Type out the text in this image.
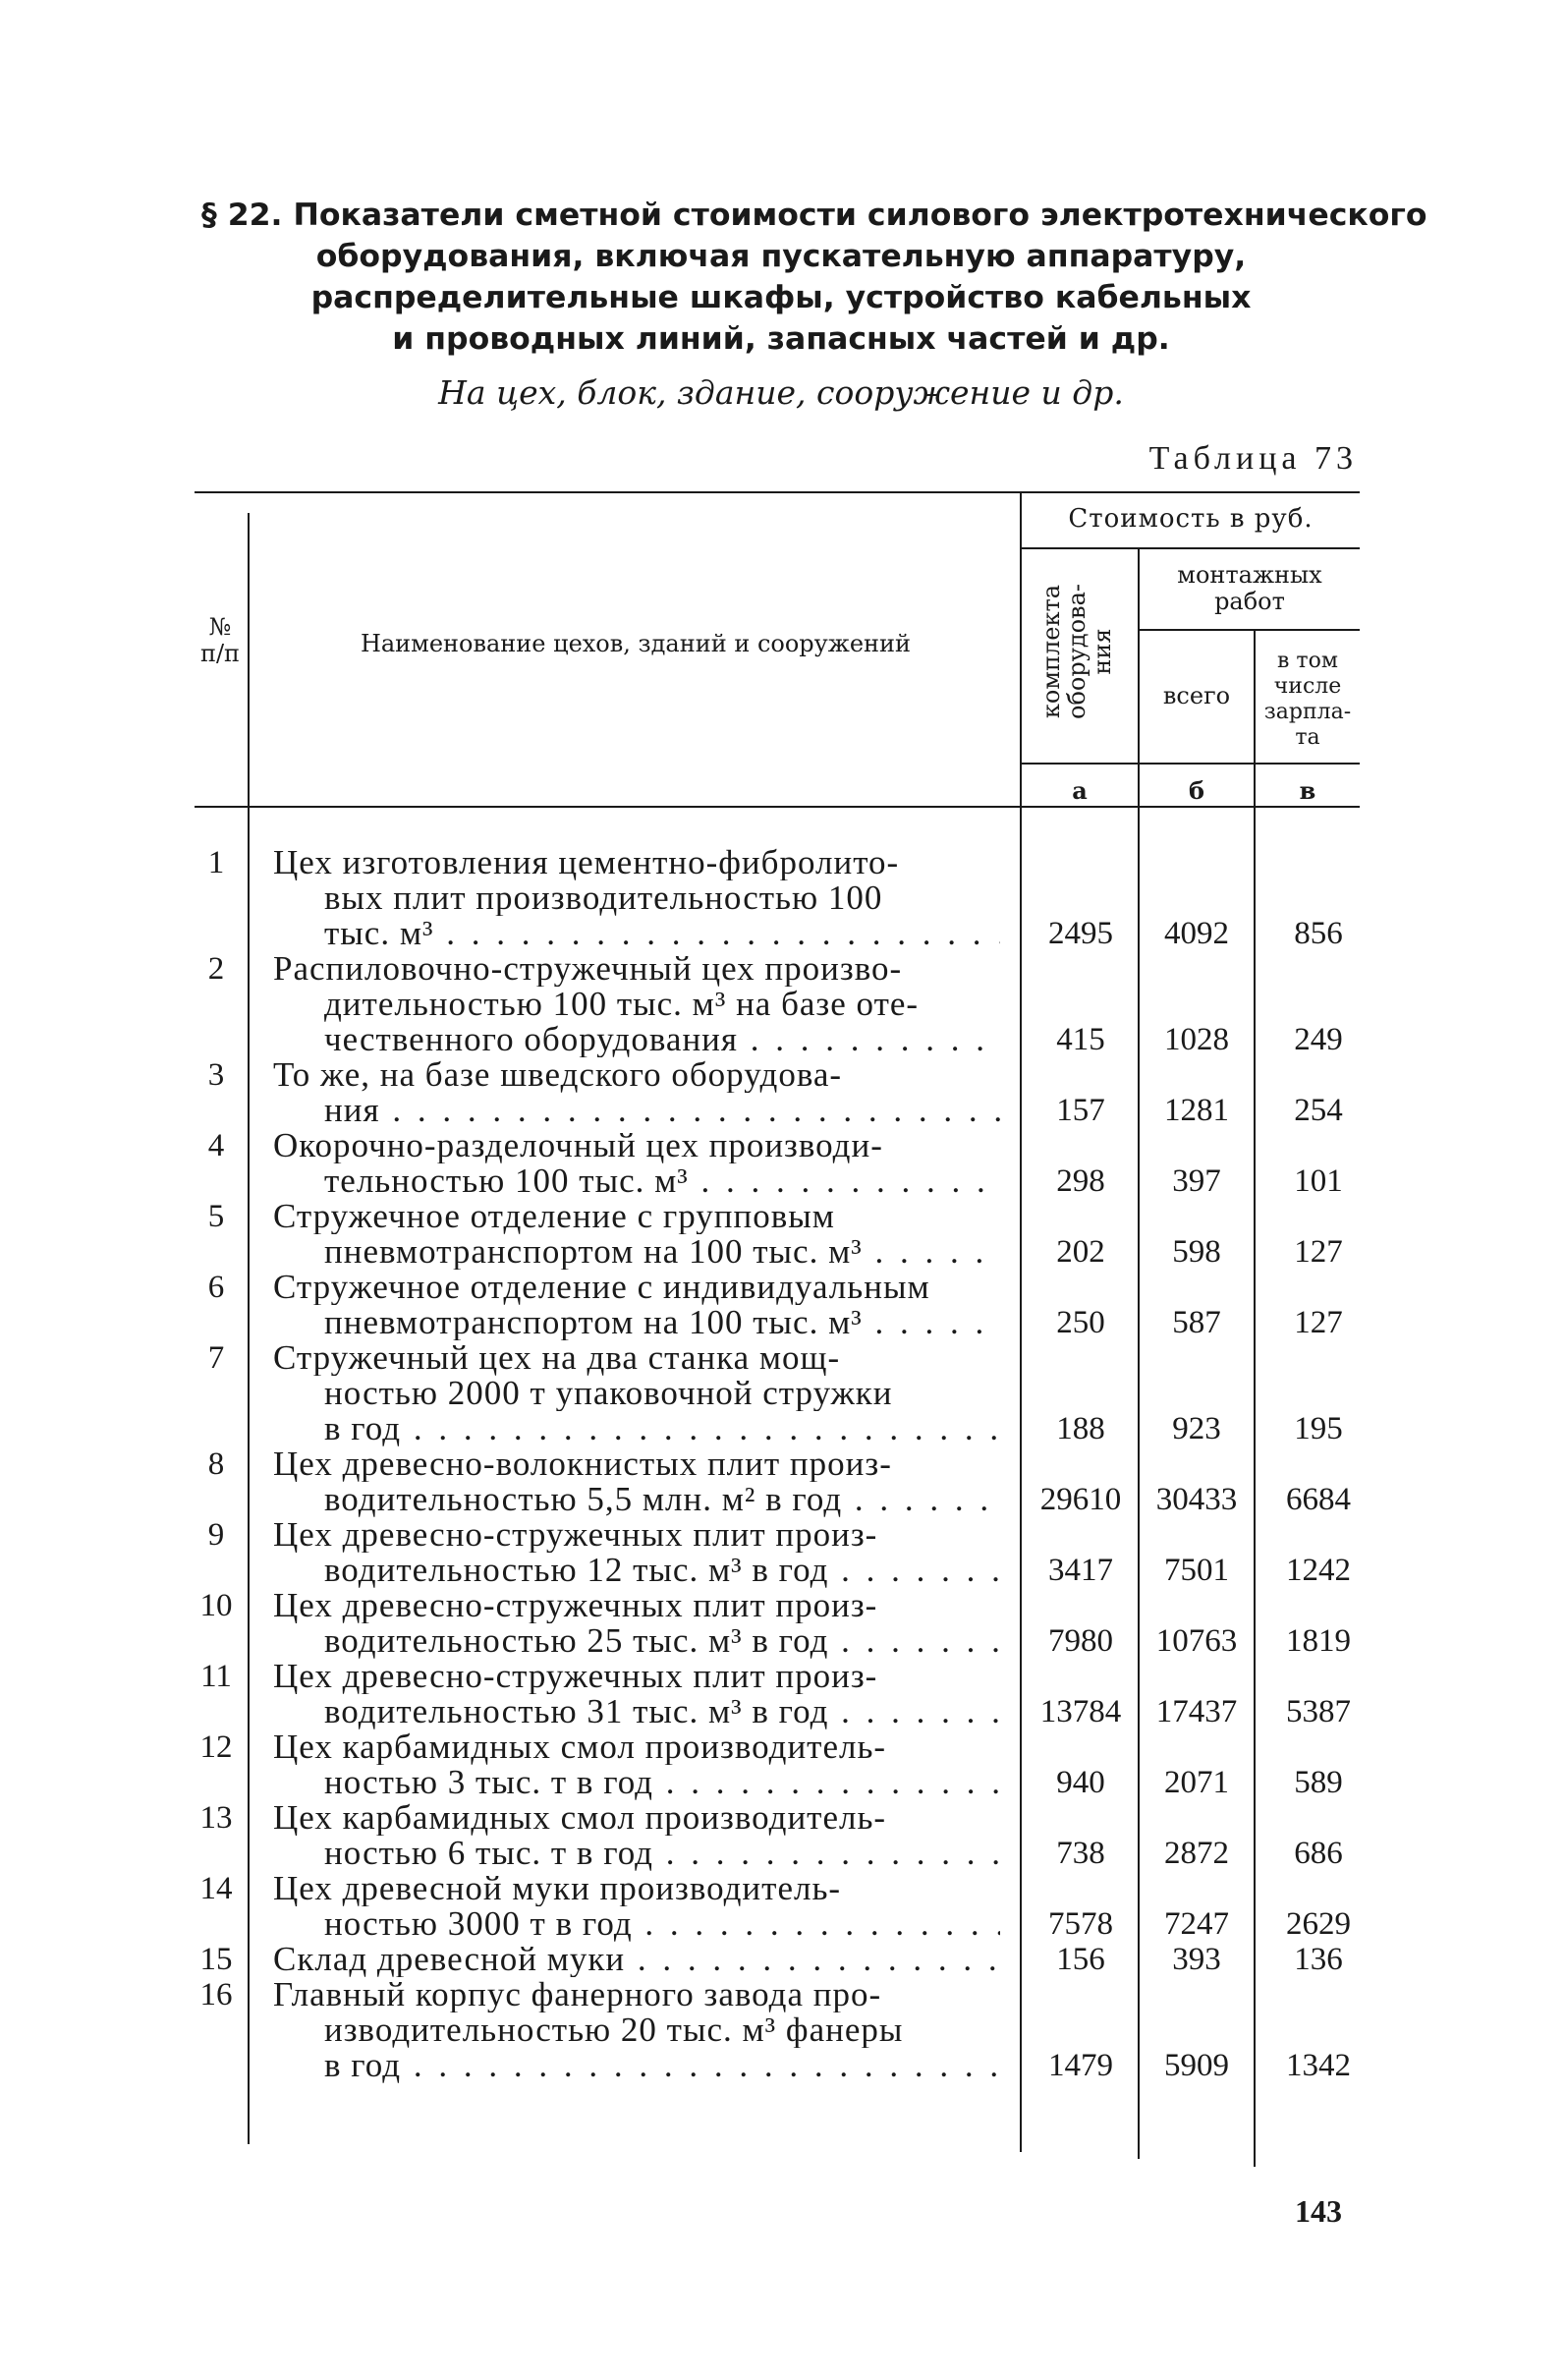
§ 22. Показатели сметной стоимости силового электротехнического
оборудования, включая пускательную аппаратуру,
распределительные шкафы, устройство кабельных
и проводных линий, запасных частей и др.
На цех, блок, здание, сооружение и др.
Таблица 73
№
п/п	Наименование цехов, зданий и сооружений
Стоимость в руб.
комплекта
оборудова-
ния
монтажных
работ
всего
в том
числе
зарпла-
та
а	б	в
1	Цех изготовления цементно-фибролито-
вых плит производительностью 100
тыс. м³ . . .	2495	4092	856
2	Распиловочно-стружечный цех произво-
дительностью 100 тыс. м³ на базе оте-
чественного оборудования . . .	415	1028	249
3	То же, на базе шведского оборудова-
ния . . .	157	1281	254
4	Окорочно-разделочный цех производи-
тельностью 100 тыс. м³ . . .	298	397	101
5	Стружечное отделение с групповым
пневмотранспортом на 100 тыс. м³ . . .	202	598	127
6	Стружечное отделение с индивидуальным
пневмотранспортом на 100 тыс. м³ . . .	250	587	127
7	Стружечный цех на два станка мощ-
ностью 2000 т упаковочной стружки
в год . . .	188	923	195
8	Цех древесно-волокнистых плит произ-
водительностью 5,5 млн. м² в год . . .	29610	30433	6684
9	Цех древесно-стружечных плит произ-
водительностью 12 тыс. м³ в год . . .	3417	7501	1242
10	Цех древесно-стружечных плит произ-
водительностью 25 тыс. м³ в год . . .	7980	10763	1819
11	Цех древесно-стружечных плит произ-
водительностью 31 тыс. м³ в год . . .	13784	17437	5387
12	Цех карбамидных смол производитель-
ностью 3 тыс. т в год . . .	940	2071	589
13	Цех карбамидных смол производитель-
ностью 6 тыс. т в год . . .	738	2872	686
14	Цех древесной муки производитель-
ностью 3000 т в год . . .	7578	7247	2629
15	Склад древесной муки . . .	156	393	136
16	Главный корпус фанерного завода про-
изводительностью 20 тыс. м³ фанеры
в год . . .	1479	5909	1342
143
